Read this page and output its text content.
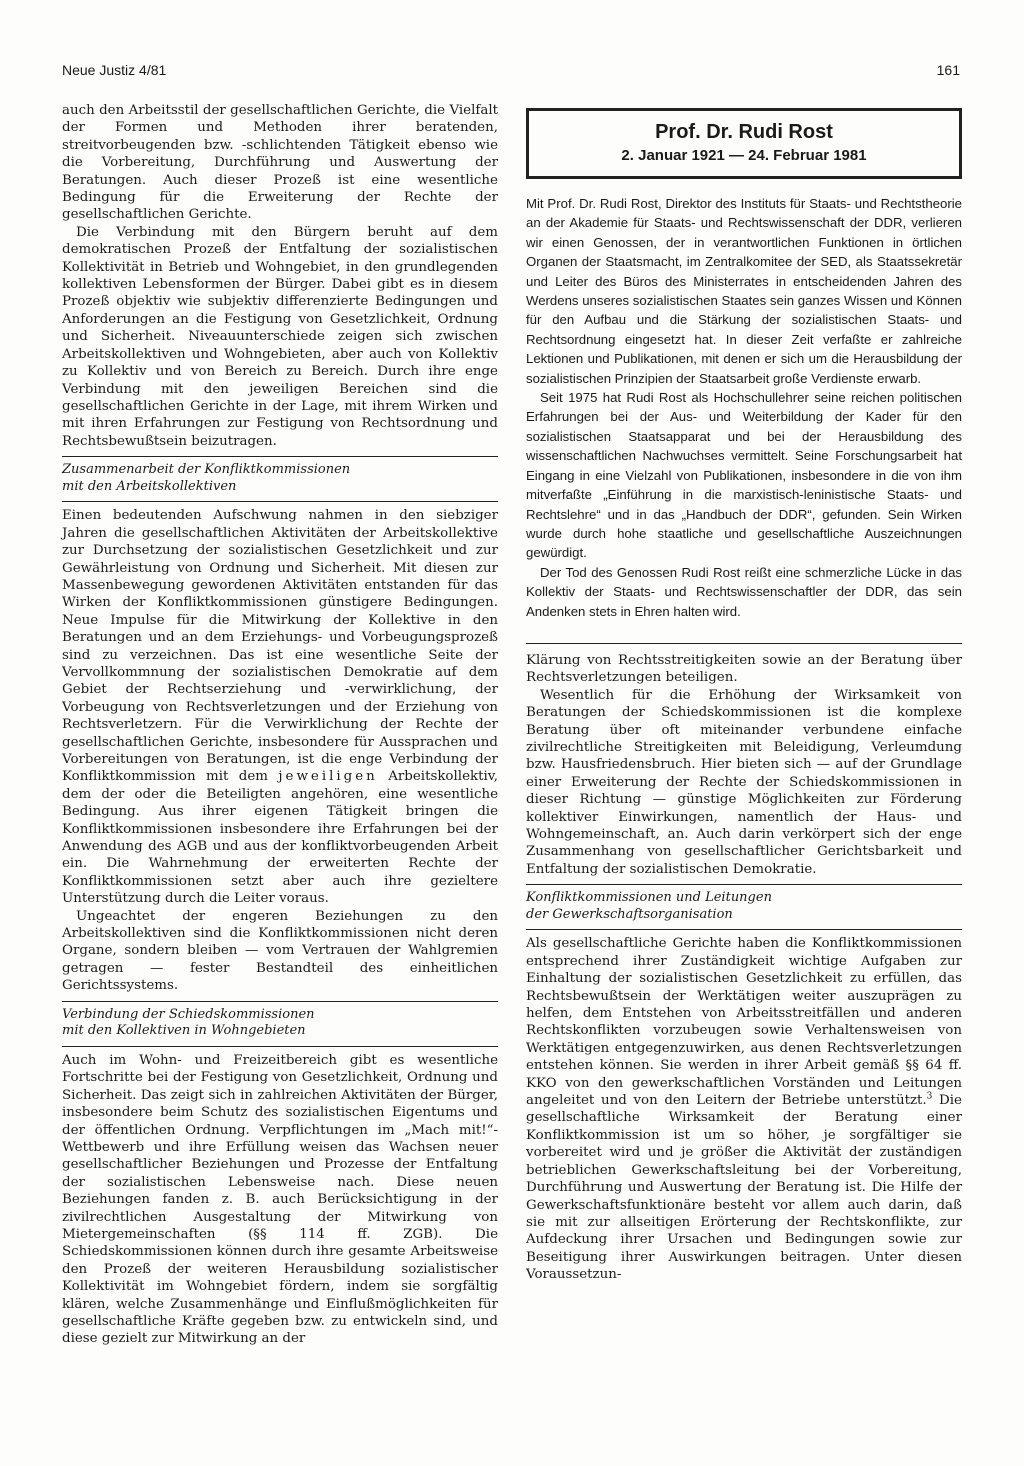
Neue Justiz 4/81	161

auch den Arbeitsstil der gesellschaftlichen Gerichte, die Vielfalt der Formen und Methoden ihrer beratenden, streitvorbeugenden bzw. -schlichtenden Tätigkeit ebenso wie die Vorbereitung, Durchführung und Auswertung der Beratungen. Auch dieser Prozeß ist eine wesentliche Bedingung für die Erweiterung der Rechte der gesellschaftlichen Gerichte.

Die Verbindung mit den Bürgern beruht auf dem demokratischen Prozeß der Entfaltung der sozialistischen Kollektivität in Betrieb und Wohngebiet, in den grundlegenden kollektiven Lebensformen der Bürger. Dabei gibt es in diesem Prozeß objektiv wie subjektiv differenzierte Bedingungen und Anforderungen an die Festigung von Gesetzlichkeit, Ordnung und Sicherheit. Niveauunterschiede zeigen sich zwischen Arbeitskollektiven und Wohngebieten, aber auch von Kollektiv zu Kollektiv und von Bereich zu Bereich. Durch ihre enge Verbindung mit den jeweiligen Bereichen sind die gesellschaftlichen Gerichte in der Lage, mit ihrem Wirken und mit ihren Erfahrungen zur Festigung von Rechtsordnung und Rechtsbewußtsein beizutragen.

Zusammenarbeit der Konfliktkommissionen
mit den Arbeitskollektiven

Einen bedeutenden Aufschwung nahmen in den siebziger Jahren die gesellschaftlichen Aktivitäten der Arbeitskollektive zur Durchsetzung der sozialistischen Gesetzlichkeit und zur Gewährleistung von Ordnung und Sicherheit. Mit diesen zur Massenbewegung gewordenen Aktivitäten entstanden für das Wirken der Konfliktkommissionen günstigere Bedingungen. Neue Impulse für die Mitwirkung der Kollektive in den Beratungen und an dem Erziehungs- und Vorbeugungsprozeß sind zu verzeichnen. Das ist eine wesentliche Seite der Vervollkommnung der sozialistischen Demokratie auf dem Gebiet der Rechtserziehung und -verwirklichung, der Vorbeugung von Rechtsverletzungen und der Erziehung von Rechtsverletzern. Für die Verwirklichung der Rechte der gesellschaftlichen Gerichte, insbesondere für Aussprachen und Vorbereitungen von Beratungen, ist die enge Verbindung der Konfliktkommission mit dem jeweiligen Arbeitskollektiv, dem der oder die Beteiligten angehören, eine wesentliche Bedingung. Aus ihrer eigenen Tätigkeit bringen die Konfliktkommissionen insbesondere ihre Erfahrungen bei der Anwendung des AGB und aus der konfliktvorbeugenden Arbeit ein. Die Wahrnehmung der erweiterten Rechte der Konfliktkommissionen setzt aber auch ihre gezieltere Unterstützung durch die Leiter voraus.

Ungeachtet der engeren Beziehungen zu den Arbeitskollektiven sind die Konfliktkommissionen nicht deren Organe, sondern bleiben — vom Vertrauen der Wahlgremien getragen — fester Bestandteil des einheitlichen Gerichtssystems.

Verbindung der Schiedskommissionen
mit den Kollektiven in Wohngebieten

Auch im Wohn- und Freizeitbereich gibt es wesentliche Fortschritte bei der Festigung von Gesetzlichkeit, Ordnung und Sicherheit. Das zeigt sich in zahlreichen Aktivitäten der Bürger, insbesondere beim Schutz des sozialistischen Eigentums und der öffentlichen Ordnung. Verpflichtungen im „Mach mit!“-Wettbewerb und ihre Erfüllung weisen das Wachsen neuer gesellschaftlicher Beziehungen und Prozesse der Entfaltung der sozialistischen Lebensweise nach. Diese neuen Beziehungen fanden z. B. auch Berücksichtigung in der zivilrechtlichen Ausgestaltung der Mitwirkung von Mietergemeinschaften (§§ 114 ff. ZGB). Die Schiedskommissionen können durch ihre gesamte Arbeitsweise den Prozeß der weiteren Herausbildung sozialistischer Kollektivität im Wohngebiet fördern, indem sie sorgfältig klären, welche Zusammenhänge und Einflußmöglichkeiten für gesellschaftliche Kräfte gegeben bzw. zu entwickeln sind, und diese gezielt zur Mitwirkung an der

Prof. Dr. Rudi Rost
2. Januar 1921 — 24. Februar 1981

Mit Prof. Dr. Rudi Rost, Direktor des Instituts für Staats- und Rechtstheorie an der Akademie für Staats- und Rechtswissenschaft der DDR, verlieren wir einen Genossen, der in verantwortlichen Funktionen in örtlichen Organen der Staatsmacht, im Zentralkomitee der SED, als Staatssekretär und Leiter des Büros des Ministerrates in entscheidenden Jahren des Werdens unseres sozialistischen Staates sein ganzes Wissen und Können für den Aufbau und die Stärkung der sozialistischen Staats- und Rechtsordnung eingesetzt hat. In dieser Zeit verfaßte er zahlreiche Lektionen und Publikationen, mit denen er sich um die Herausbildung der sozialistischen Prinzipien der Staatsarbeit große Verdienste erwarb.

Seit 1975 hat Rudi Rost als Hochschullehrer seine reichen politischen Erfahrungen bei der Aus- und Weiterbildung der Kader für den sozialistischen Staatsapparat und bei der Herausbildung des wissenschaftlichen Nachwuchses vermittelt. Seine Forschungsarbeit hat Eingang in eine Vielzahl von Publikationen, insbesondere in die von ihm mitverfaßte „Einführung in die marxistisch-leninistische Staats- und Rechtslehre“ und in das „Handbuch der DDR“, gefunden. Sein Wirken wurde durch hohe staatliche und gesellschaftliche Auszeichnungen gewürdigt.

Der Tod des Genossen Rudi Rost reißt eine schmerzliche Lücke in das Kollektiv der Staats- und Rechtswissenschaftler der DDR, das sein Andenken stets in Ehren halten wird.

Klärung von Rechtsstreitigkeiten sowie an der Beratung über Rechtsverletzungen beteiligen.

Wesentlich für die Erhöhung der Wirksamkeit von Beratungen der Schiedskommissionen ist die komplexe Beratung über oft miteinander verbundene einfache zivilrechtliche Streitigkeiten mit Beleidigung, Verleumdung bzw. Hausfriedensbruch. Hier bieten sich — auf der Grundlage einer Erweiterung der Rechte der Schiedskommissionen in dieser Richtung — günstige Möglichkeiten zur Förderung kollektiver Einwirkungen, namentlich der Haus- und Wohngemeinschaft, an. Auch darin verkörpert sich der enge Zusammenhang von gesellschaftlicher Gerichtsbarkeit und Entfaltung der sozialistischen Demokratie.

Konfliktkommissionen und Leitungen
der Gewerkschaftsorganisation

Als gesellschaftliche Gerichte haben die Konfliktkommissionen entsprechend ihrer Zuständigkeit wichtige Aufgaben zur Einhaltung der sozialistischen Gesetzlichkeit zu erfüllen, das Rechtsbewußtsein der Werktätigen weiter auszuprägen zu helfen, dem Entstehen von Arbeitsstreitfällen und anderen Rechtskonflikten vorzubeugen sowie Verhaltensweisen von Werktätigen entgegenzuwirken, aus denen Rechtsverletzungen entstehen können. Sie werden in ihrer Arbeit gemäß §§ 64 ff. KKO von den gewerkschaftlichen Vorständen und Leitungen angeleitet und von den Leitern der Betriebe unterstützt.$^3$ Die gesellschaftliche Wirksamkeit der Beratung einer Konfliktkommission ist um so höher, je sorgfältiger sie vorbereitet wird und je größer die Aktivität der zuständigen betrieblichen Gewerkschaftsleitung bei der Vorbereitung, Durchführung und Auswertung der Beratung ist. Die Hilfe der Gewerkschaftsfunktionäre besteht vor allem auch darin, daß sie mit zur allseitigen Erörterung der Rechtskonflikte, zur Aufdeckung ihrer Ursachen und Bedingungen sowie zur Beseitigung ihrer Auswirkungen beitragen. Unter diesen Voraussetzun-
